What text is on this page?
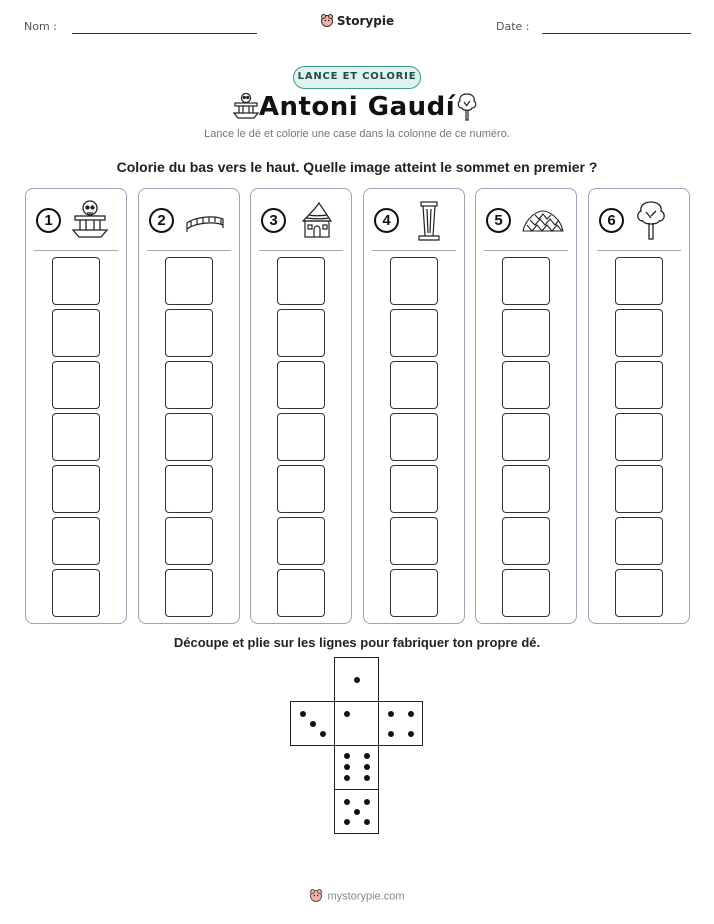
Nom :	Storypie	Date :
LANCE ET COLORIE
Antoni Gaudí
Lance le dé et colorie une case dans la colonne de ce numéro.
Colorie du bas vers le haut. Quelle image atteint le sommet en premier ?
1	2	3	4	5	6
Découpe et plie sur les lignes pour fabriquer ton propre dé.
mystorypie.com
